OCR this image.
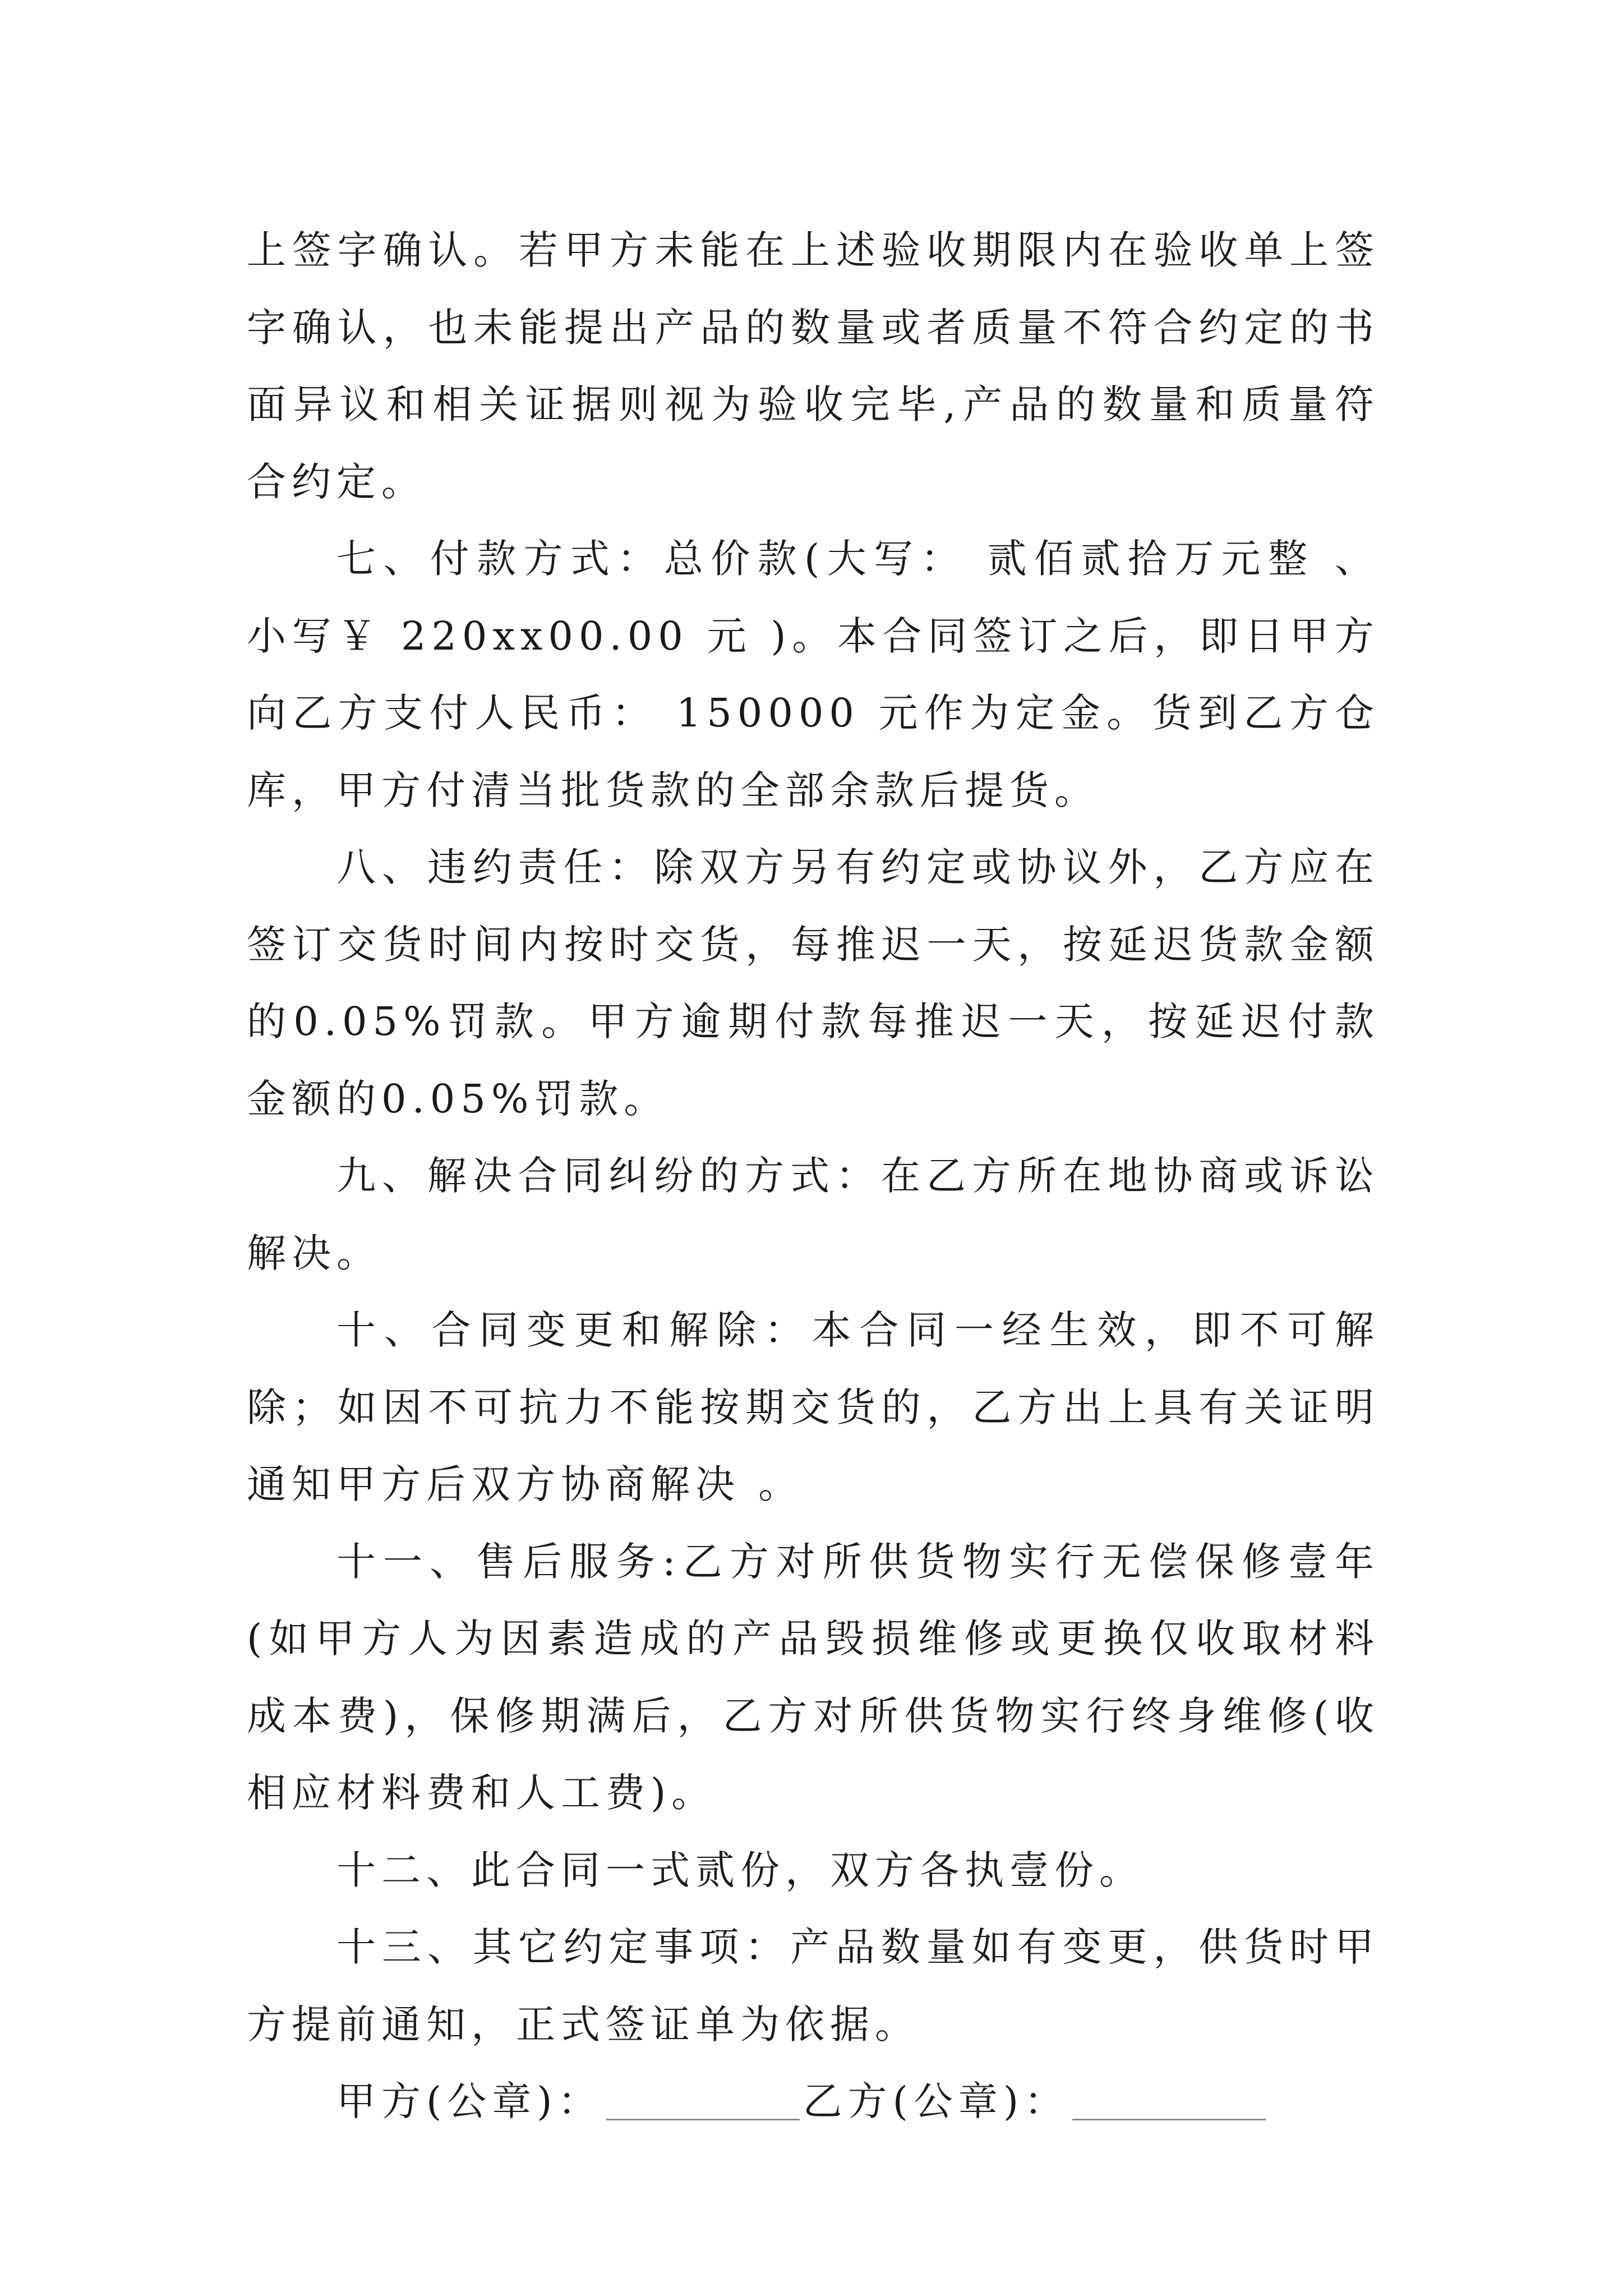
上签字确认。若甲方未能在上述验收期限内在验收单上签字确认，也未能提出产品的数量或者质量不符合约定的书面异议和相关证据则视为验收完毕,产品的数量和质量符合约定。

七、付款方式：总价款(大写： 贰佰贰拾万元整 、小写￥ 220xx00.00 元 )。本合同签订之后，即日甲方向乙方支付人民币： 150000 元作为定金。货到乙方仓库，甲方付清当批货款的全部余款后提货。

八、违约责任：除双方另有约定或协议外，乙方应在签订交货时间内按时交货，每推迟一天，按延迟货款金额的0.05%罚款。甲方逾期付款每推迟一天，按延迟付款金额的0.05%罚款。

九、解决合同纠纷的方式：在乙方所在地协商或诉讼解决。

十、合同变更和解除：本合同一经生效，即不可解除；如因不可抗力不能按期交货的，乙方出上具有关证明通知甲方后双方协商解决 。

十一、售后服务:乙方对所供货物实行无偿保修壹年(如甲方人为因素造成的产品毁损维修或更换仅收取材料成本费)，保修期满后，乙方对所供货物实行终身维修(收相应材料费和人工费)。

十二、此合同一式贰份，双方各执壹份。

十三、其它约定事项：产品数量如有变更，供货时甲方提前通知，正式签证单为依据。

甲方(公章)：	乙方(公章)：
